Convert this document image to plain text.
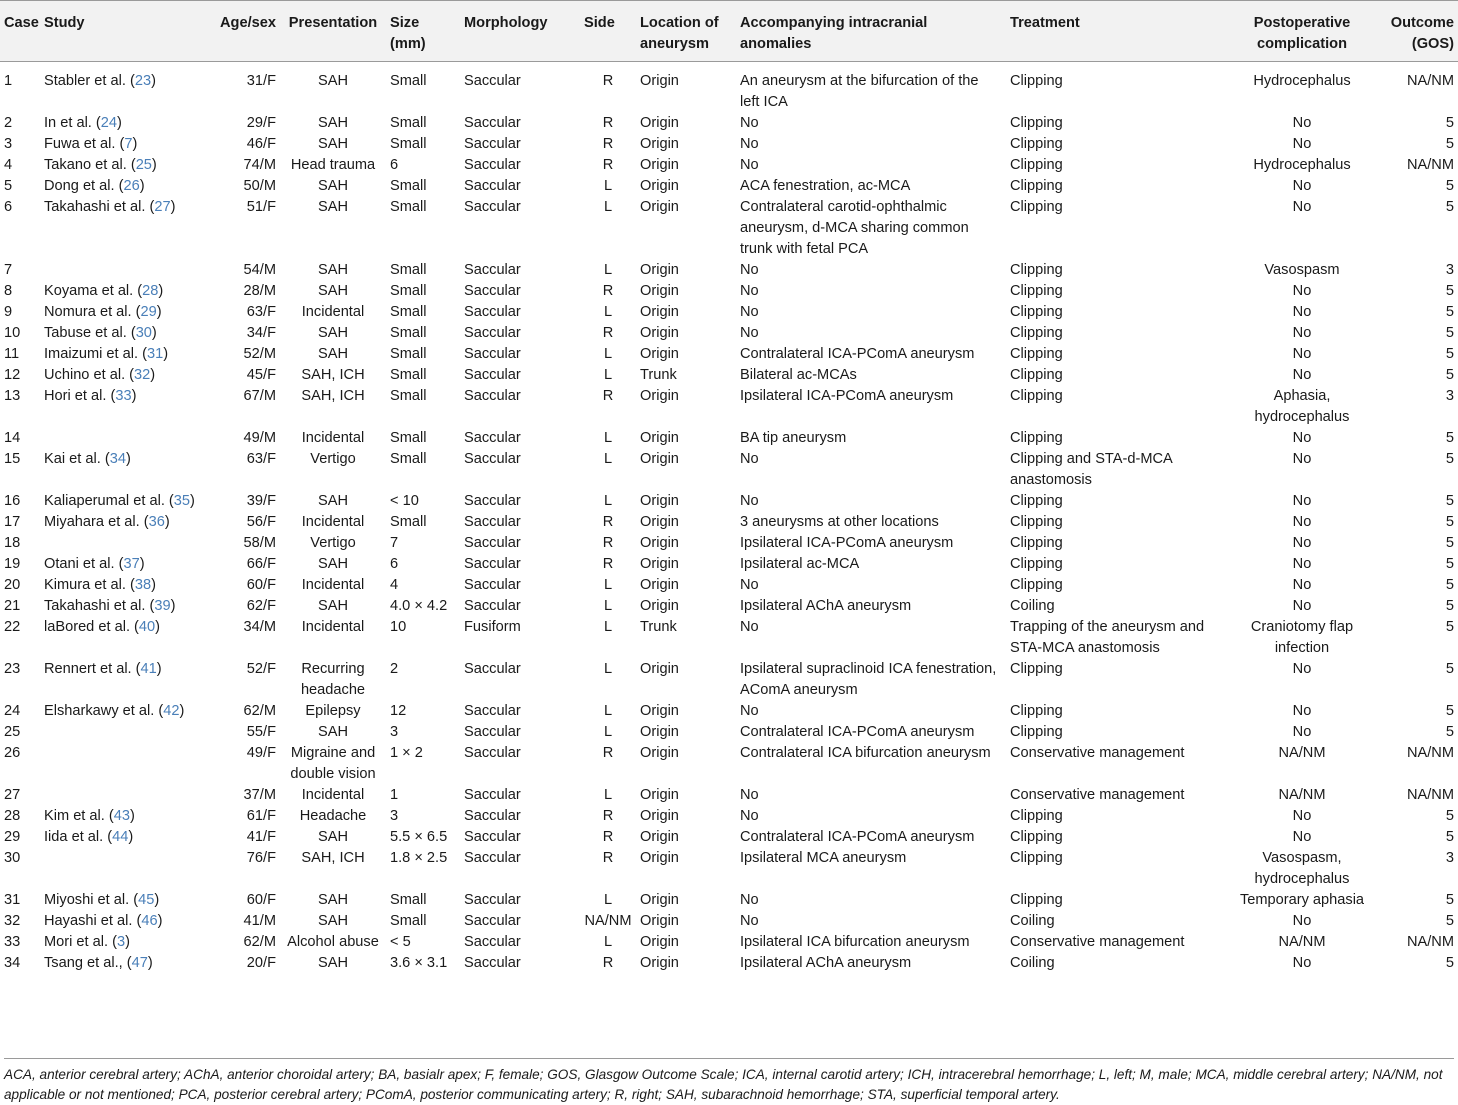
Case	Study	Age/sex	Presentation	Size (mm)	Morphology	Side	Location of aneurysm	Accompanying intracranial anomalies	Treatment	Postoperative complication	Outcome (GOS)
1	Stabler et al. (23)	31/F	SAH	Small	Saccular	R	Origin	An aneurysm at the bifurcation of the left ICA	Clipping	Hydrocephalus	NA/NM
2	In et al. (24)	29/F	SAH	Small	Saccular	R	Origin	No	Clipping	No	5
3	Fuwa et al. (7)	46/F	SAH	Small	Saccular	R	Origin	No	Clipping	No	5
4	Takano et al. (25)	74/M	Head trauma	6	Saccular	R	Origin	No	Clipping	Hydrocephalus	NA/NM
5	Dong et al. (26)	50/M	SAH	Small	Saccular	L	Origin	ACA fenestration, ac-MCA	Clipping	No	5
6	Takahashi et al. (27)	51/F	SAH	Small	Saccular	L	Origin	Contralateral carotid-ophthalmic aneurysm, d-MCA sharing common trunk with fetal PCA	Clipping	No	5
7		54/M	SAH	Small	Saccular	L	Origin	No	Clipping	Vasospasm	3
8	Koyama et al. (28)	28/M	SAH	Small	Saccular	R	Origin	No	Clipping	No	5
9	Nomura et al. (29)	63/F	Incidental	Small	Saccular	L	Origin	No	Clipping	No	5
10	Tabuse et al. (30)	34/F	SAH	Small	Saccular	R	Origin	No	Clipping	No	5
11	Imaizumi et al. (31)	52/M	SAH	Small	Saccular	L	Origin	Contralateral ICA-PComA aneurysm	Clipping	No	5
12	Uchino et al. (32)	45/F	SAH, ICH	Small	Saccular	L	Trunk	Bilateral ac-MCAs	Clipping	No	5
13	Hori et al. (33)	67/M	SAH, ICH	Small	Saccular	R	Origin	Ipsilateral ICA-PComA aneurysm	Clipping	Aphasia, hydrocephalus	3
14		49/M	Incidental	Small	Saccular	L	Origin	BA tip aneurysm	Clipping	No	5
15	Kai et al. (34)	63/F	Vertigo	Small	Saccular	L	Origin	No	Clipping and STA-d-MCA anastomosis	No	5
16	Kaliaperumal et al. (35)	39/F	SAH	< 10	Saccular	L	Origin	No	Clipping	No	5
17	Miyahara et al. (36)	56/F	Incidental	Small	Saccular	R	Origin	3 aneurysms at other locations	Clipping	No	5
18		58/M	Vertigo	7	Saccular	R	Origin	Ipsilateral ICA-PComA aneurysm	Clipping	No	5
19	Otani et al. (37)	66/F	SAH	6	Saccular	R	Origin	Ipsilateral ac-MCA	Clipping	No	5
20	Kimura et al. (38)	60/F	Incidental	4	Saccular	L	Origin	No	Clipping	No	5
21	Takahashi et al. (39)	62/F	SAH	4.0 × 4.2	Saccular	L	Origin	Ipsilateral AChA aneurysm	Coiling	No	5
22	laBored et al. (40)	34/M	Incidental	10	Fusiform	L	Trunk	No	Trapping of the aneurysm and STA-MCA anastomosis	Craniotomy flap infection	5
23	Rennert et al. (41)	52/F	Recurring headache	2	Saccular	L	Origin	Ipsilateral supraclinoid ICA fenestration, AComA aneurysm	Clipping	No	5
24	Elsharkawy et al. (42)	62/M	Epilepsy	12	Saccular	L	Origin	No	Clipping	No	5
25		55/F	SAH	3	Saccular	L	Origin	Contralateral ICA-PComA aneurysm	Clipping	No	5
26		49/F	Migraine and double vision	1 × 2	Saccular	R	Origin	Contralateral ICA bifurcation aneurysm	Conservative management	NA/NM	NA/NM
27		37/M	Incidental	1	Saccular	L	Origin	No	Conservative management	NA/NM	NA/NM
28	Kim et al. (43)	61/F	Headache	3	Saccular	R	Origin	No	Clipping	No	5
29	Iida et al. (44)	41/F	SAH	5.5 × 6.5	Saccular	R	Origin	Contralateral ICA-PComA aneurysm	Clipping	No	5
30		76/F	SAH, ICH	1.8 × 2.5	Saccular	R	Origin	Ipsilateral MCA aneurysm	Clipping	Vasospasm, hydrocephalus	3
31	Miyoshi et al. (45)	60/F	SAH	Small	Saccular	L	Origin	No	Clipping	Temporary aphasia	5
32	Hayashi et al. (46)	41/M	SAH	Small	Saccular	NA/NM	Origin	No	Coiling	No	5
33	Mori et al. (3)	62/M	Alcohol abuse	< 5	Saccular	L	Origin	Ipsilateral ICA bifurcation aneurysm	Conservative management	NA/NM	NA/NM
34	Tsang et al., (47)	20/F	SAH	3.6 × 3.1	Saccular	R	Origin	Ipsilateral AChA aneurysm	Coiling	No	5
ACA, anterior cerebral artery; AChA, anterior choroidal artery; BA, basialr apex; F, female; GOS, Glasgow Outcome Scale; ICA, internal carotid artery; ICH, intracerebral hemorrhage; L, left; M, male; MCA, middle cerebral artery; NA/NM, not applicable or not mentioned; PCA, posterior cerebral artery; PComA, posterior communicating artery; R, right; SAH, subarachnoid hemorrhage; STA, superficial temporal artery.
